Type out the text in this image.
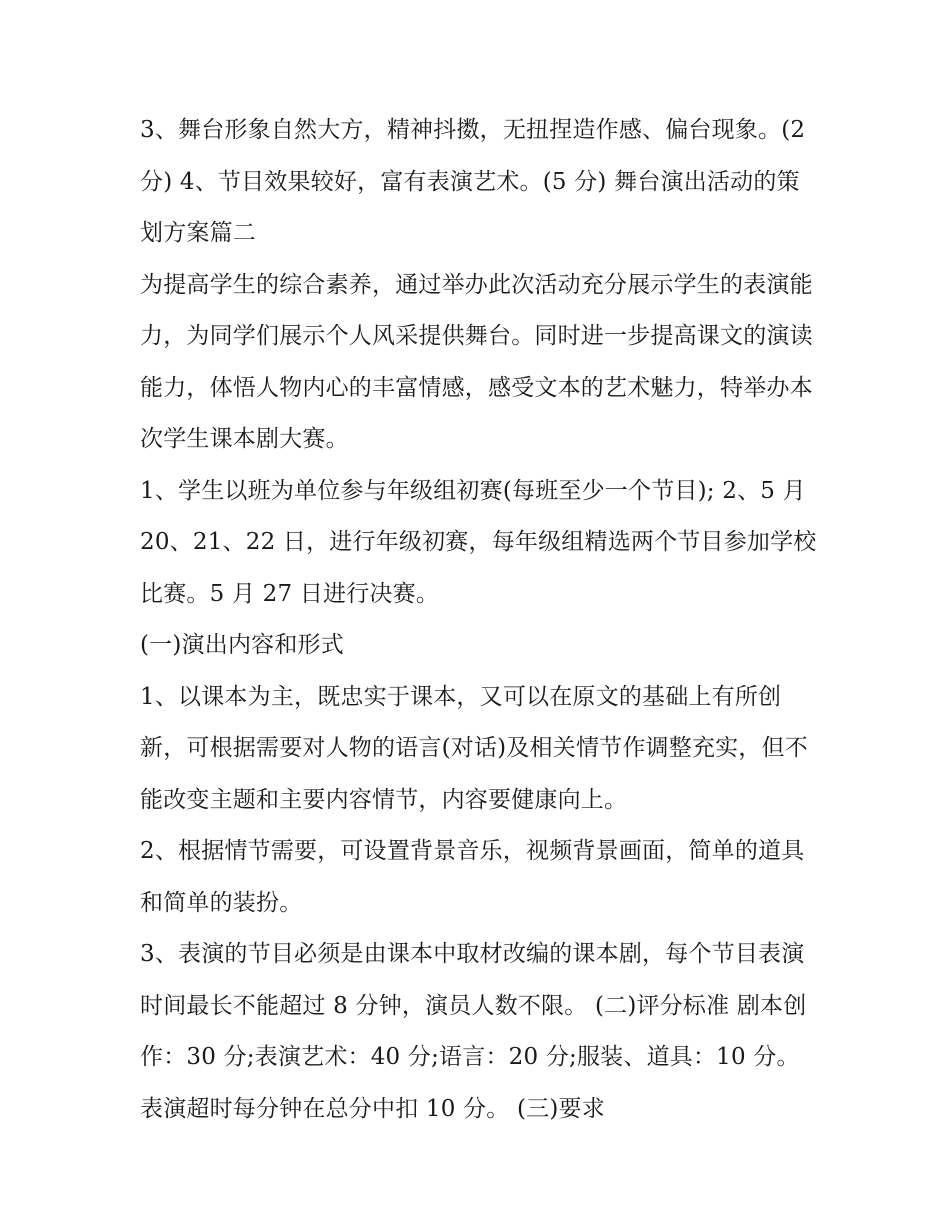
3、舞台形象自然大方，精神抖擞，无扭捏造作感、偏台现象。(2 分) 4、节目效果较好，富有表演艺术。(5 分) 舞台演出活动的策划方案篇二

为提高学生的综合素养，通过举办此次活动充分展示学生的表演能力，为同学们展示个人风采提供舞台。同时进一步提高课文的演读能力，体悟人物内心的丰富情感，感受文本的艺术魅力，特举办本次学生课本剧大赛。

1、学生以班为单位参与年级组初赛(每班至少一个节目); 2、5 月 20、21、22 日，进行年级初赛，每年级组精选两个节目参加学校比赛。5 月 27 日进行决赛。

(一)演出内容和形式

1、以课本为主，既忠实于课本，又可以在原文的基础上有所创新，可根据需要对人物的语言(对话)及相关情节作调整充实，但不能改变主题和主要内容情节，内容要健康向上。

2、根据情节需要，可设置背景音乐，视频背景画面，简单的道具和简单的装扮。

3、表演的节目必须是由课本中取材改编的课本剧，每个节目表演时间最长不能超过 8 分钟，演员人数不限。 (二)评分标准 剧本创作：30 分;表演艺术：40 分;语言：20 分;服装、道具：10 分。表演超时每分钟在总分中扣 10 分。 (三)要求
